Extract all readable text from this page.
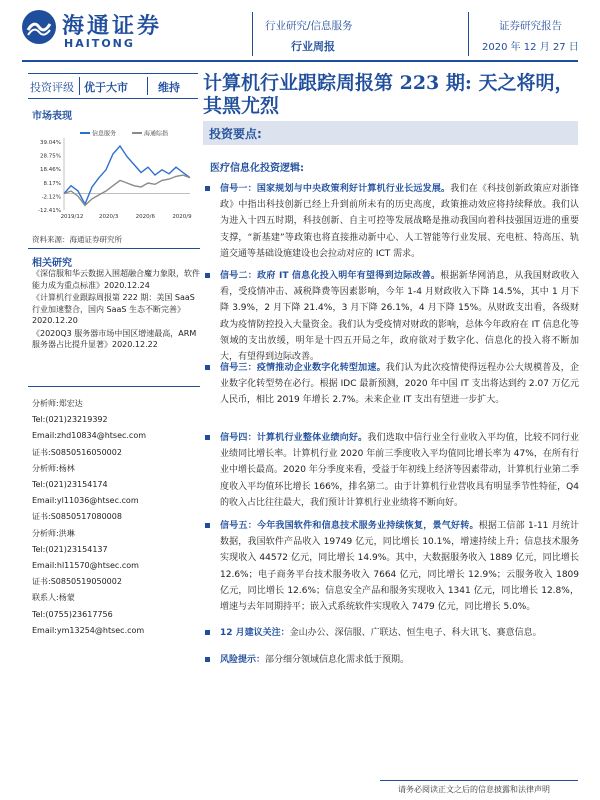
海通证券
HAITONG
行业研究/信息服务
行业周报
证券研究报告
2020 年 12 月 27 日
投资评级 优于大市	维持
市场表现
信息服务	海通综指
39.04%
28.75%
18.46%
8.17%
-2.12%
-12.41%
2019/12	2020/3	2020/6	2020/9
资料来源：海通证券研究所
相关研究
《深信服和华云数据入围超融合魔力象限，软件能力成为重点标准》2020.12.24
《计算机行业跟踪周报第 222 期：美国 SaaS 行业加速整合，国内 SaaS 生态不断完善》2020.12.20
《2020Q3 服务器市场中国区增速最高，ARM 服务器占比提升显著》2020.12.22
分析师:郑宏达
Tel:(021)23219392
Email:zhd10834@htsec.com
证书:S0850516050002
分析师:杨林
Tel:(021)23154174
Email:yl11036@htsec.com
证书:S0850517080008
分析师:洪琳
Tel:(021)23154137
Email:hl11570@htsec.com
证书:S0850519050002
联系人:杨蒙
Tel:(0755)23617756
Email:ym13254@htsec.com
计算机行业跟踪周报第 223 期: 天之将明，其黑尤烈
投资要点:
医疗信息化投资逻辑:
信号一：国家规划与中央政策利好计算机行业长远发展。我们在《科技创新政策应对浙锋政》中指出科技创新已经上升到前所未有的历史高度，政策推动效应将持续释放。我们认为进入十四五时期，科技创新、自主可控等发展战略是推动我国向着科技强国迈进的重要支撑，“新基建”等政策也将直接推动新中心、人工智能等行业发展、充电桩、特高压、轨道交通等基础设施建设也会拉动对应的 ICT 需求。
信号二：政府 IT 信息化投入明年有望得到边际改善。根据新华网消息，从我国财政收入看，受疫情冲击、减税降费等因素影响，今年 1-4 月财政收入下降 14.5%，其中 1 月下降 3.9%，2 月下降 21.4%，3 月下降 26.1%，4 月下降 15%。从财政支出看，各级财政为疫情防控投入大量资金。我们认为受疫情对财政的影响，总体今年政府在 IT 信息化等领域的支出放缓，明年是十四五开局之年，政府欲对于数字化、信息化的投入将不断加大，有望得到边际改善。
信号三：疫情推动企业数字化转型加速。我们认为此次疫情使得远程办公大规模普及，企业数字化转型势在必行。根据 IDC 最新预测，2020 年中国 IT 支出将达到约 2.07 万亿元人民币，相比 2019 年增长 2.7%。未来企业 IT 支出有望进一步扩大。
信号四：计算机行业整体业绩向好。我们选取中信行业全行业收入平均值，比较不同行业业绩同比增长率。计算机行业 2020 年前三季度收入平均值同比增长率为 47%，在所有行业中增长最高。2020 年分季度来看，受益于年初线上经济等因素带动，计算机行业第二季度收入平均值环比增长 166%，排名第二。由于计算机行业营收具有明显季节性特征，Q4 的收入占比往往最大，我们预计计算机行业业绩将不断向好。
信号五：今年我国软件和信息技术服务业持续恢复，景气好转。根据工信部 1-11 月统计数据，我国软件产品收入 19749 亿元，同比增长 10.1%，增速持续上升；信息技术服务实现收入 44572 亿元，同比增长 14.9%。其中，大数据服务收入 1889 亿元，同比增长 12.6%；电子商务平台技术服务收入 7664 亿元，同比增长 12.9%；云服务收入 1809 亿元，同比增长 12.6%；信息安全产品和服务实现收入 1341 亿元，同比增长 12.8%，增速与去年同期持平；嵌入式系统软件实现收入 7479 亿元，同比增长 5.0%。
12 月建议关注：金山办公、深信服、广联达、恒生电子、科大讯飞、赛意信息。
风险提示：部分细分领域信息化需求低于预期。
请务必阅读正文之后的信息披露和法律声明
